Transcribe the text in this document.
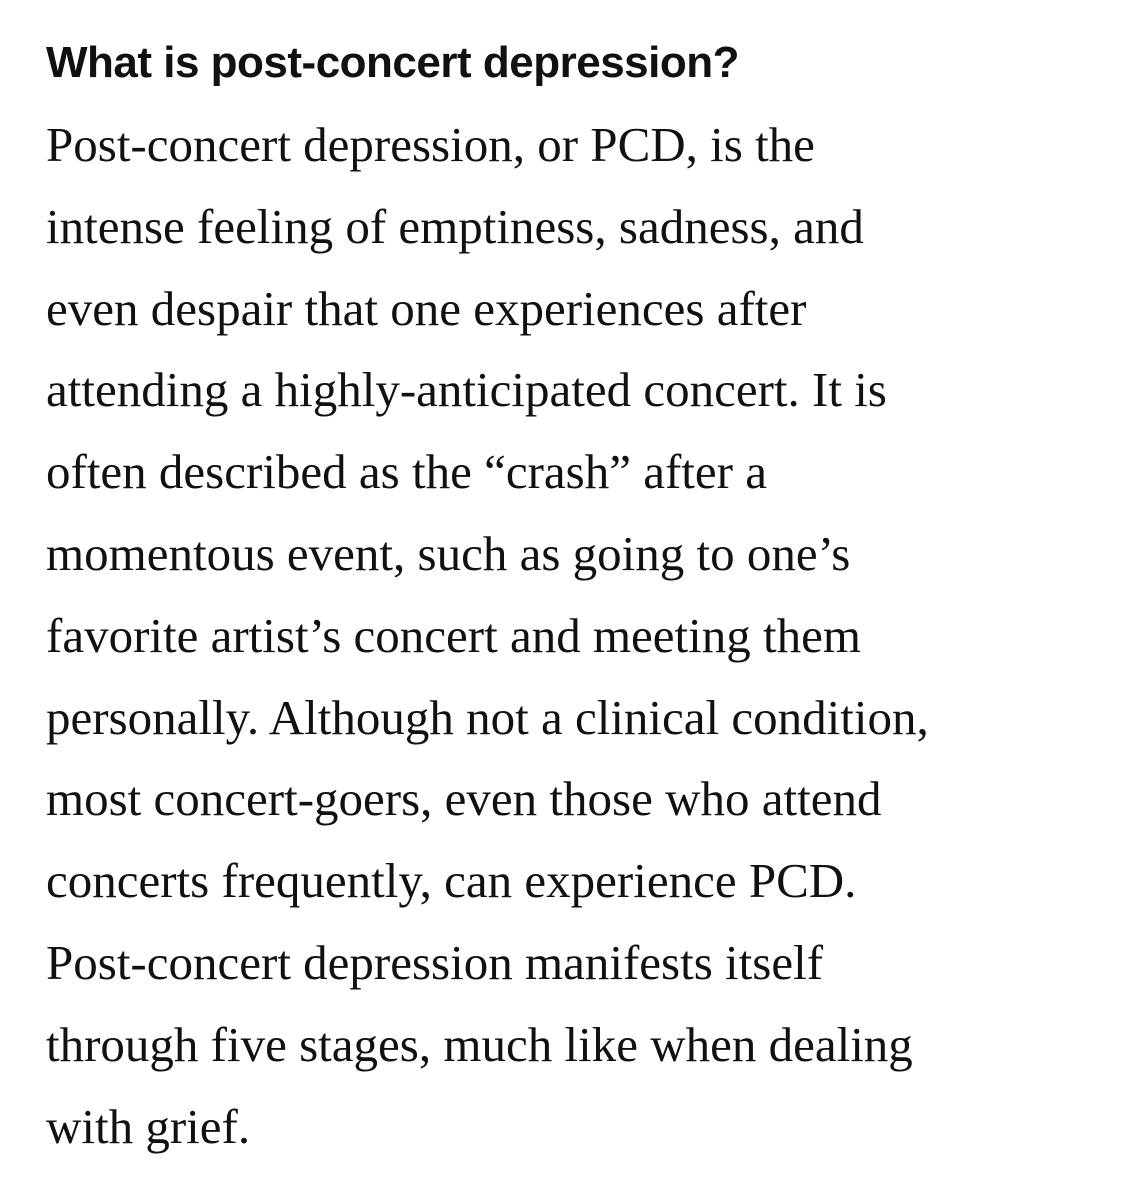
What is post-concert depression?
Post-concert depression, or PCD, is the
intense feeling of emptiness, sadness, and
even despair that one experiences after
attending a highly-anticipated concert. It is
often described as the “crash” after a
momentous event, such as going to one’s
favorite artist’s concert and meeting them
personally. Although not a clinical condition,
most concert-goers, even those who attend
concerts frequently, can experience PCD.
Post-concert depression manifests itself
through five stages, much like when dealing
with grief.
